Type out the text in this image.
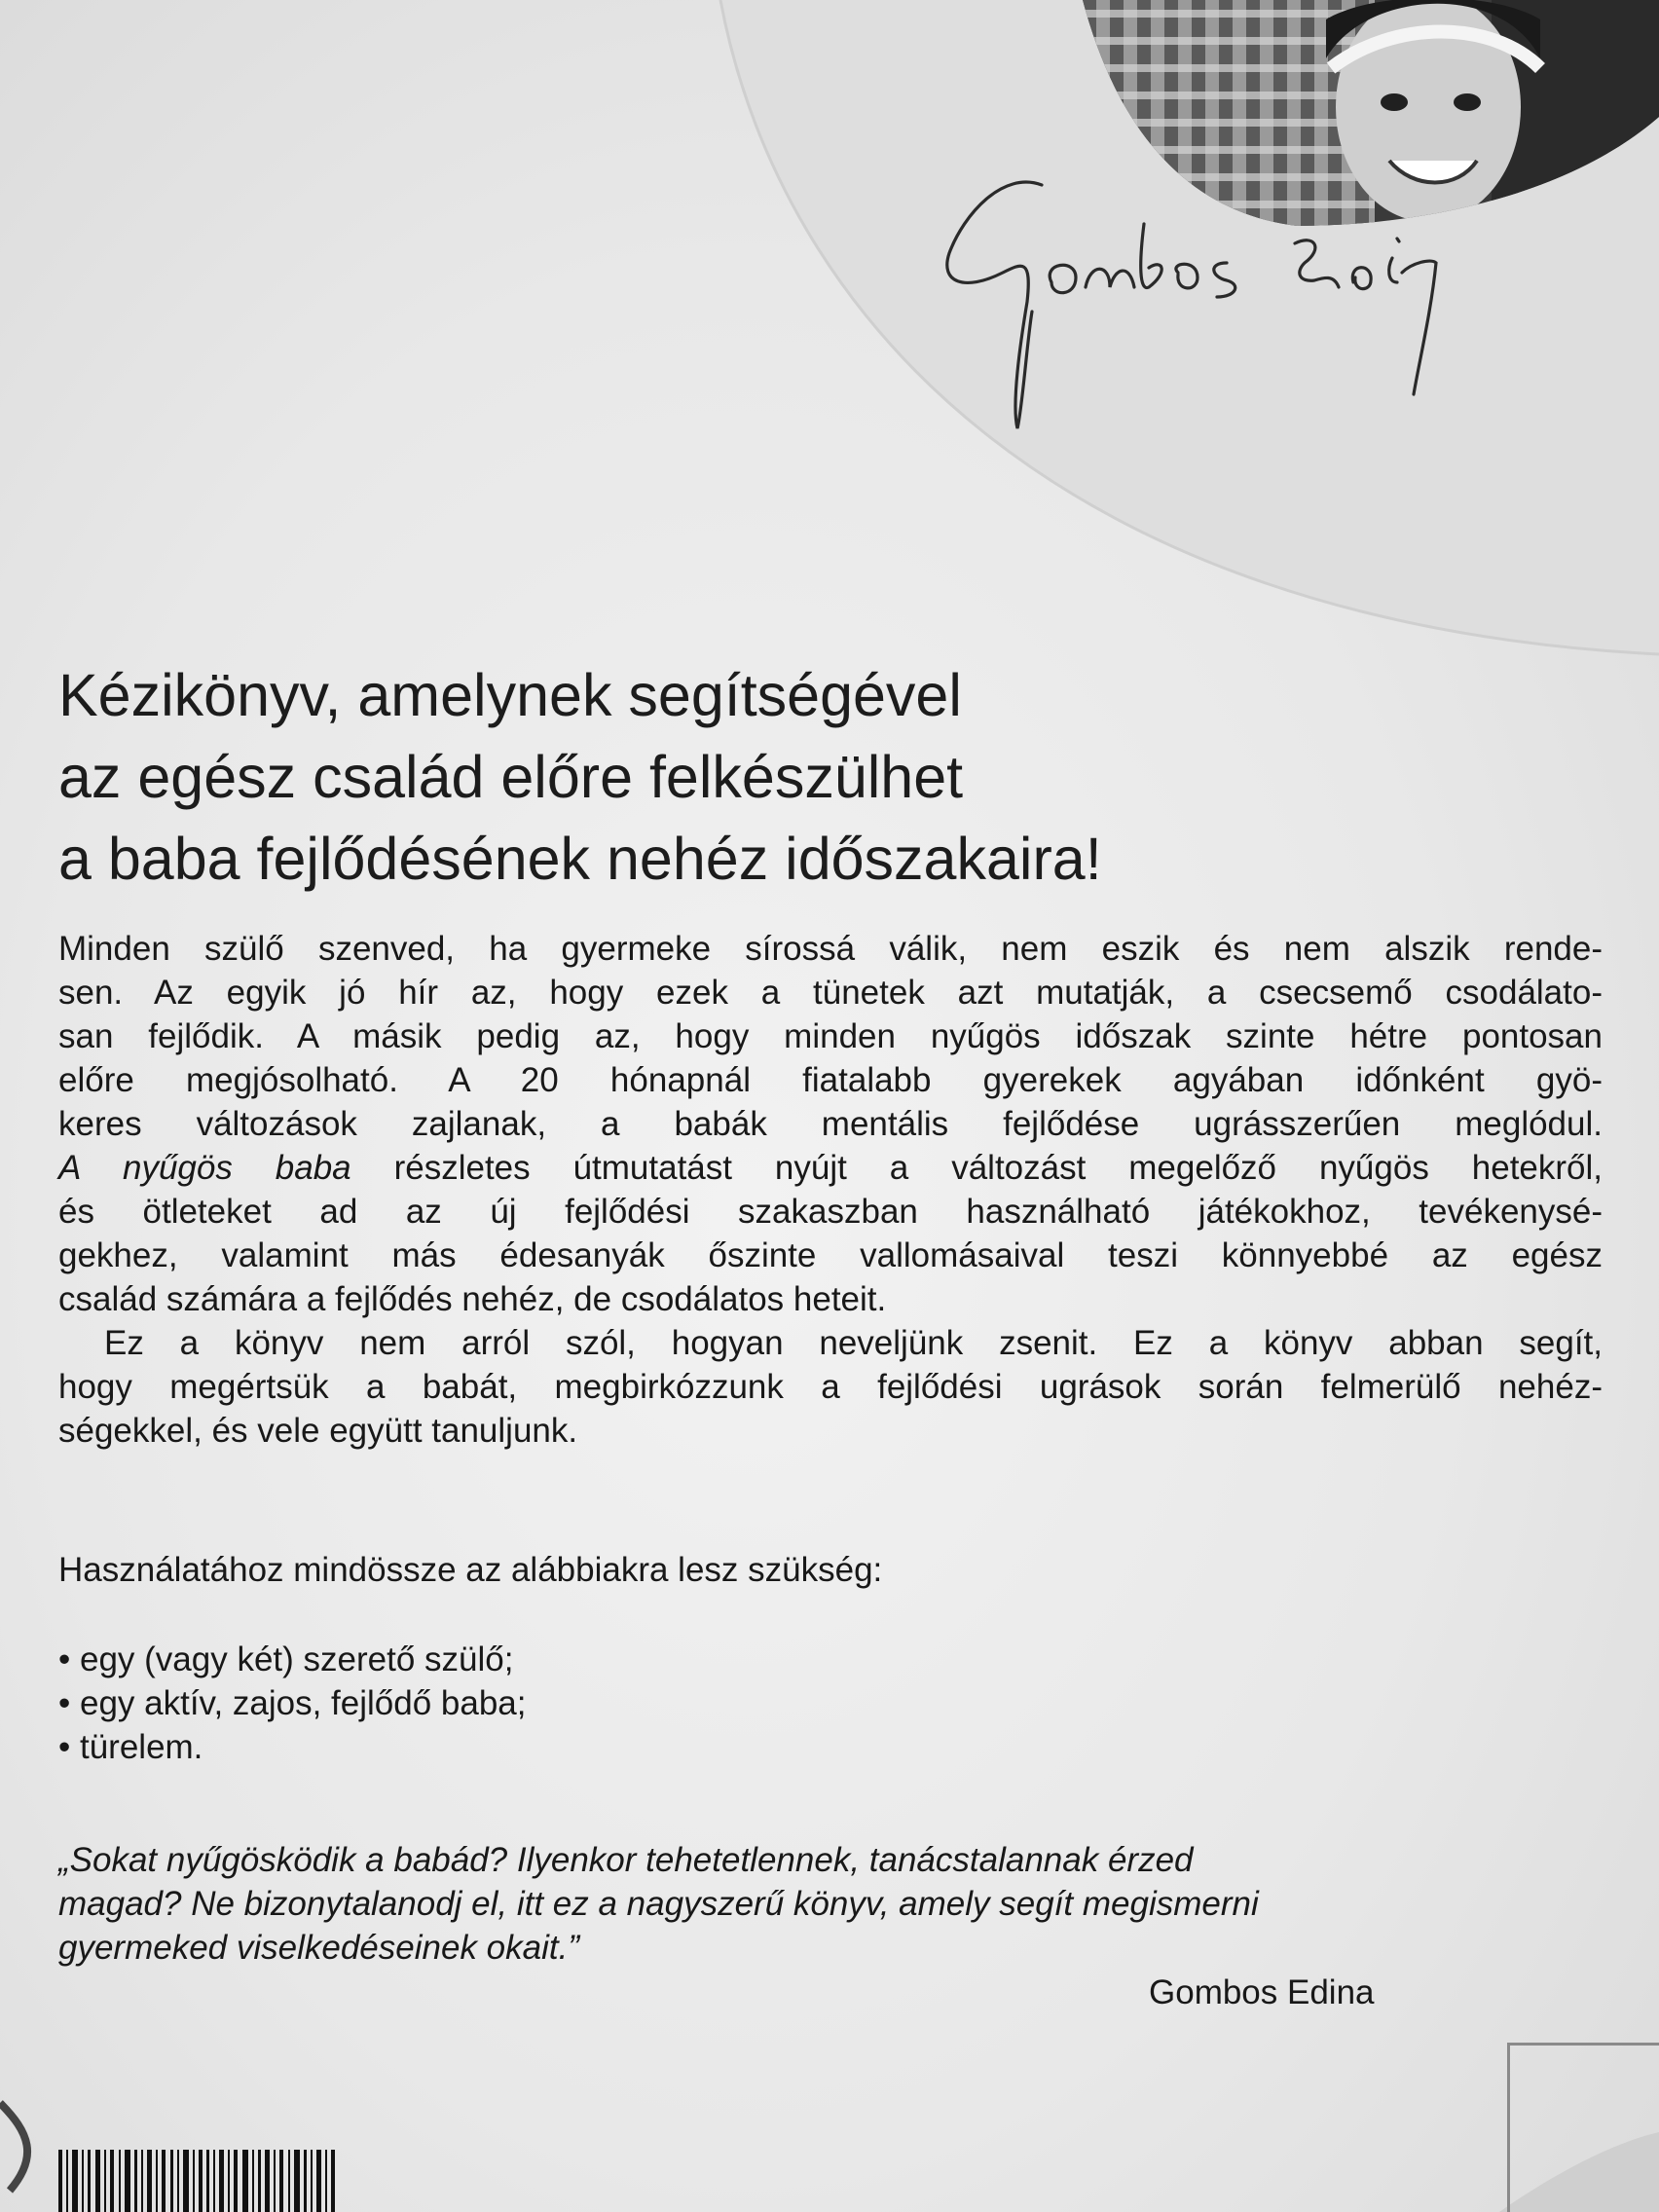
Kézikönyv, amelynek segítségével
az egész család előre felkészülhet
a baba fejlődésének nehéz időszakaira!
Minden szülő szenved, ha gyermeke sírossá válik, nem eszik és nem alszik rende-
sen. Az egyik jó hír az, hogy ezek a tünetek azt mutatják, a csecsemő csodálato-
san fejlődik. A másik pedig az, hogy minden nyűgös időszak szinte hétre pontosan
előre megjósolható. A 20 hónapnál fiatalabb gyerekek agyában időnként gyö-
keres változások zajlanak, a babák mentális fejlődése ugrásszerűen meglódul.
A nyűgös baba részletes útmutatást nyújt a változást megelőző nyűgös hetekről,
és ötleteket ad az új fejlődési szakaszban használható játékokhoz, tevékenysé-
gekhez, valamint más édesanyák őszinte vallomásaival teszi könnyebbé az egész
család számára a fejlődés nehéz, de csodálatos heteit.
Ez a könyv nem arról szól, hogyan neveljünk zsenit. Ez a könyv abban segít,
hogy megértsük a babát, megbirkózzunk a fejlődési ugrások során felmerülő nehéz-
ségekkel, és vele együtt tanuljunk.
Használatához mindössze az alábbiakra lesz szükség:
• egy (vagy két) szerető szülő;
• egy aktív, zajos, fejlődő baba;
• türelem.
„Sokat nyűgösködik a babád? Ilyenkor tehetetlennek, tanácstalannak érzed
magad? Ne bizonytalanodj el, itt ez a nagyszerű könyv, amely segít megismerni
gyermeked viselkedéseinek okait.”
Gombos Edina
